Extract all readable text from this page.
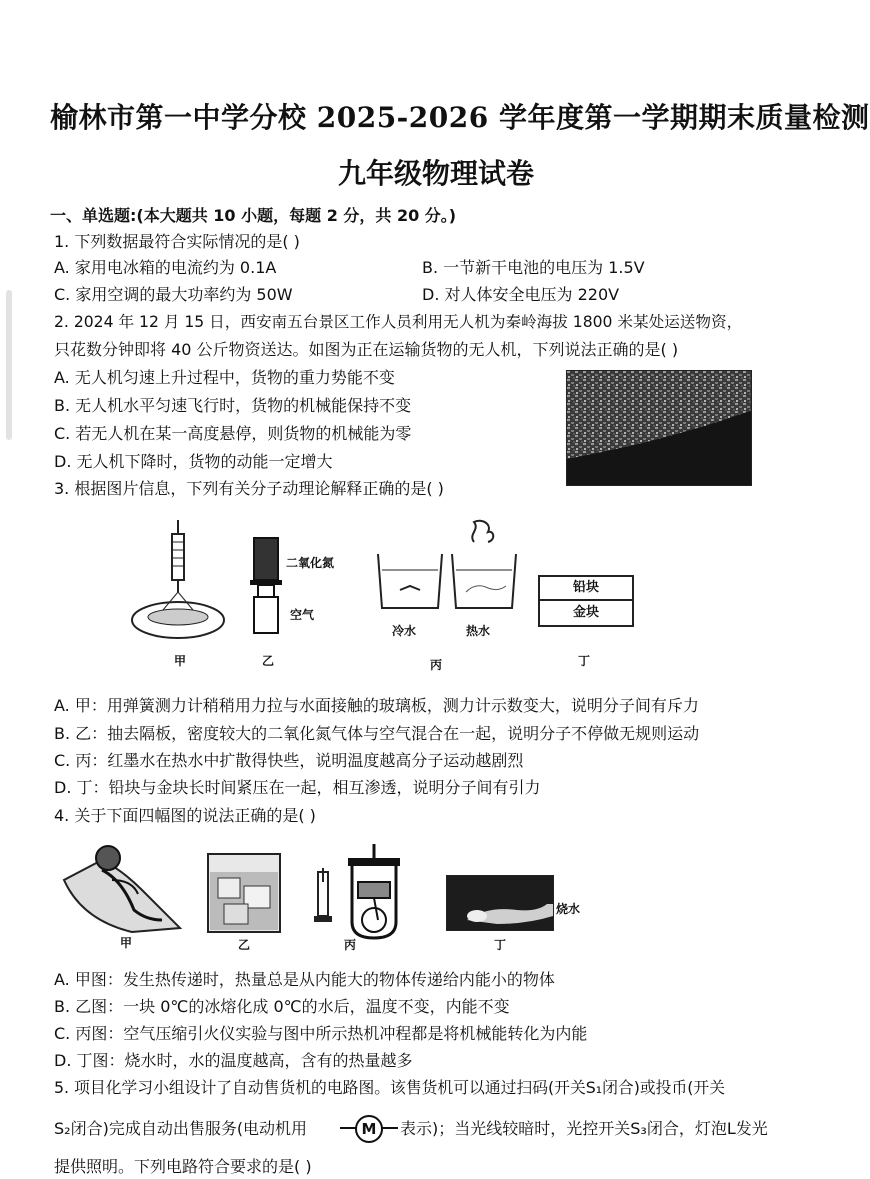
榆林市第一中学分校 2025-2026 学年度第一学期期末质量检测
九年级物理试卷
一、单选题:(本大题共 10 小题，每题 2 分，共 20 分。)
1. 下列数据最符合实际情况的是( )
A. 家用电冰箱的电流约为 0.1A	B. 一节新干电池的电压为 1.5V
C. 家用空调的最大功率约为 50W	D. 对人体安全电压为 220V
2. 2024 年 12 月 15 日，西安南五台景区工作人员利用无人机为秦岭海拔 1800 米某处运送物资，
只花数分钟即将 40 公斤物资送达。如图为正在运输货物的无人机，下列说法正确的是( )
A. 无人机匀速上升过程中，货物的重力势能不变
B. 无人机水平匀速飞行时，货物的机械能保持不变
C. 若无人机在某一高度悬停，则货物的机械能为零
D. 无人机下降时，货物的动能一定增大
3. 根据图片信息，下列有关分子动理论解释正确的是( )
甲
二氧化氮
空气
乙
冷水	热水
丙
铅块
金块
丁
A. 甲：用弹簧测力计稍稍用力拉与水面接触的玻璃板，测力计示数变大，说明分子间有斥力
B. 乙：抽去隔板，密度较大的二氧化氮气体与空气混合在一起，说明分子不停做无规则运动
C. 丙：红墨水在热水中扩散得快些，说明温度越高分子运动越剧烈
D. 丁：铅块与金块长时间紧压在一起，相互渗透，说明分子间有引力
4. 关于下面四幅图的说法正确的是( )
甲	乙	丙
烧水
丁
A. 甲图：发生热传递时，热量总是从内能大的物体传递给内能小的物体
B. 乙图：一块 0℃的冰熔化成 0℃的水后，温度不变，内能不变
C. 丙图：空气压缩引火仪实验与图中所示热机冲程都是将机械能转化为内能
D. 丁图：烧水时，水的温度越高，含有的热量越多
5. 项目化学习小组设计了自动售货机的电路图。该售货机可以通过扫码(开关S₁闭合)或投币(开关
S₂闭合)完成自动出售服务(电动机用	M	表示)；当光线较暗时，光控开关S₃闭合，灯泡L发光
提供照明。下列电路符合要求的是( )
